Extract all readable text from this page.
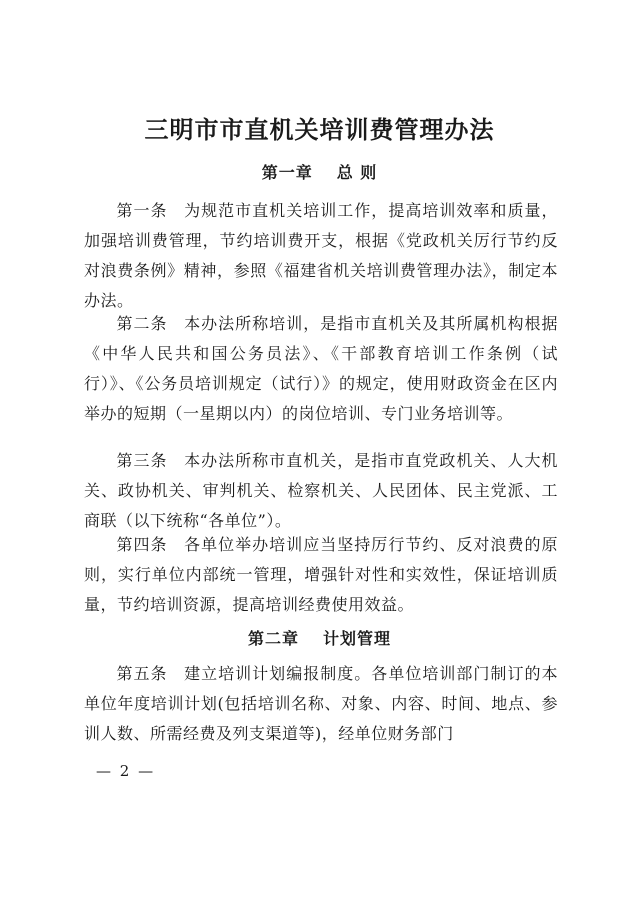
三明市市直机关培训费管理办法
第一章 总 则
第一条 为规范市直机关培训工作，提高培训效率和质量，加强培训费管理，节约培训费开支，根据《党政机关厉行节约反对浪费条例》精神，参照《福建省机关培训费管理办法》，制定本办法。
第二条 本办法所称培训，是指市直机关及其所属机构根据《中华人民共和国公务员法》、《干部教育培训工作条例（试行）》、《公务员培训规定（试行）》的规定，使用财政资金在区内举办的短期（一星期以内）的岗位培训、专门业务培训等。
第三条 本办法所称市直机关，是指市直党政机关、人大机关、政协机关、审判机关、检察机关、人民团体、民主党派、工商联（以下统称“各单位”）。
第四条 各单位举办培训应当坚持厉行节约、反对浪费的原则，实行单位内部统一管理，增强针对性和实效性，保证培训质量，节约培训资源，提高培训经费使用效益。
第二章 计划管理
第五条 建立培训计划编报制度。各单位培训部门制订的本单位年度培训计划(包括培训名称、对象、内容、时间、地点、参训人数、所需经费及列支渠道等)，经单位财务部门
— 2 —
